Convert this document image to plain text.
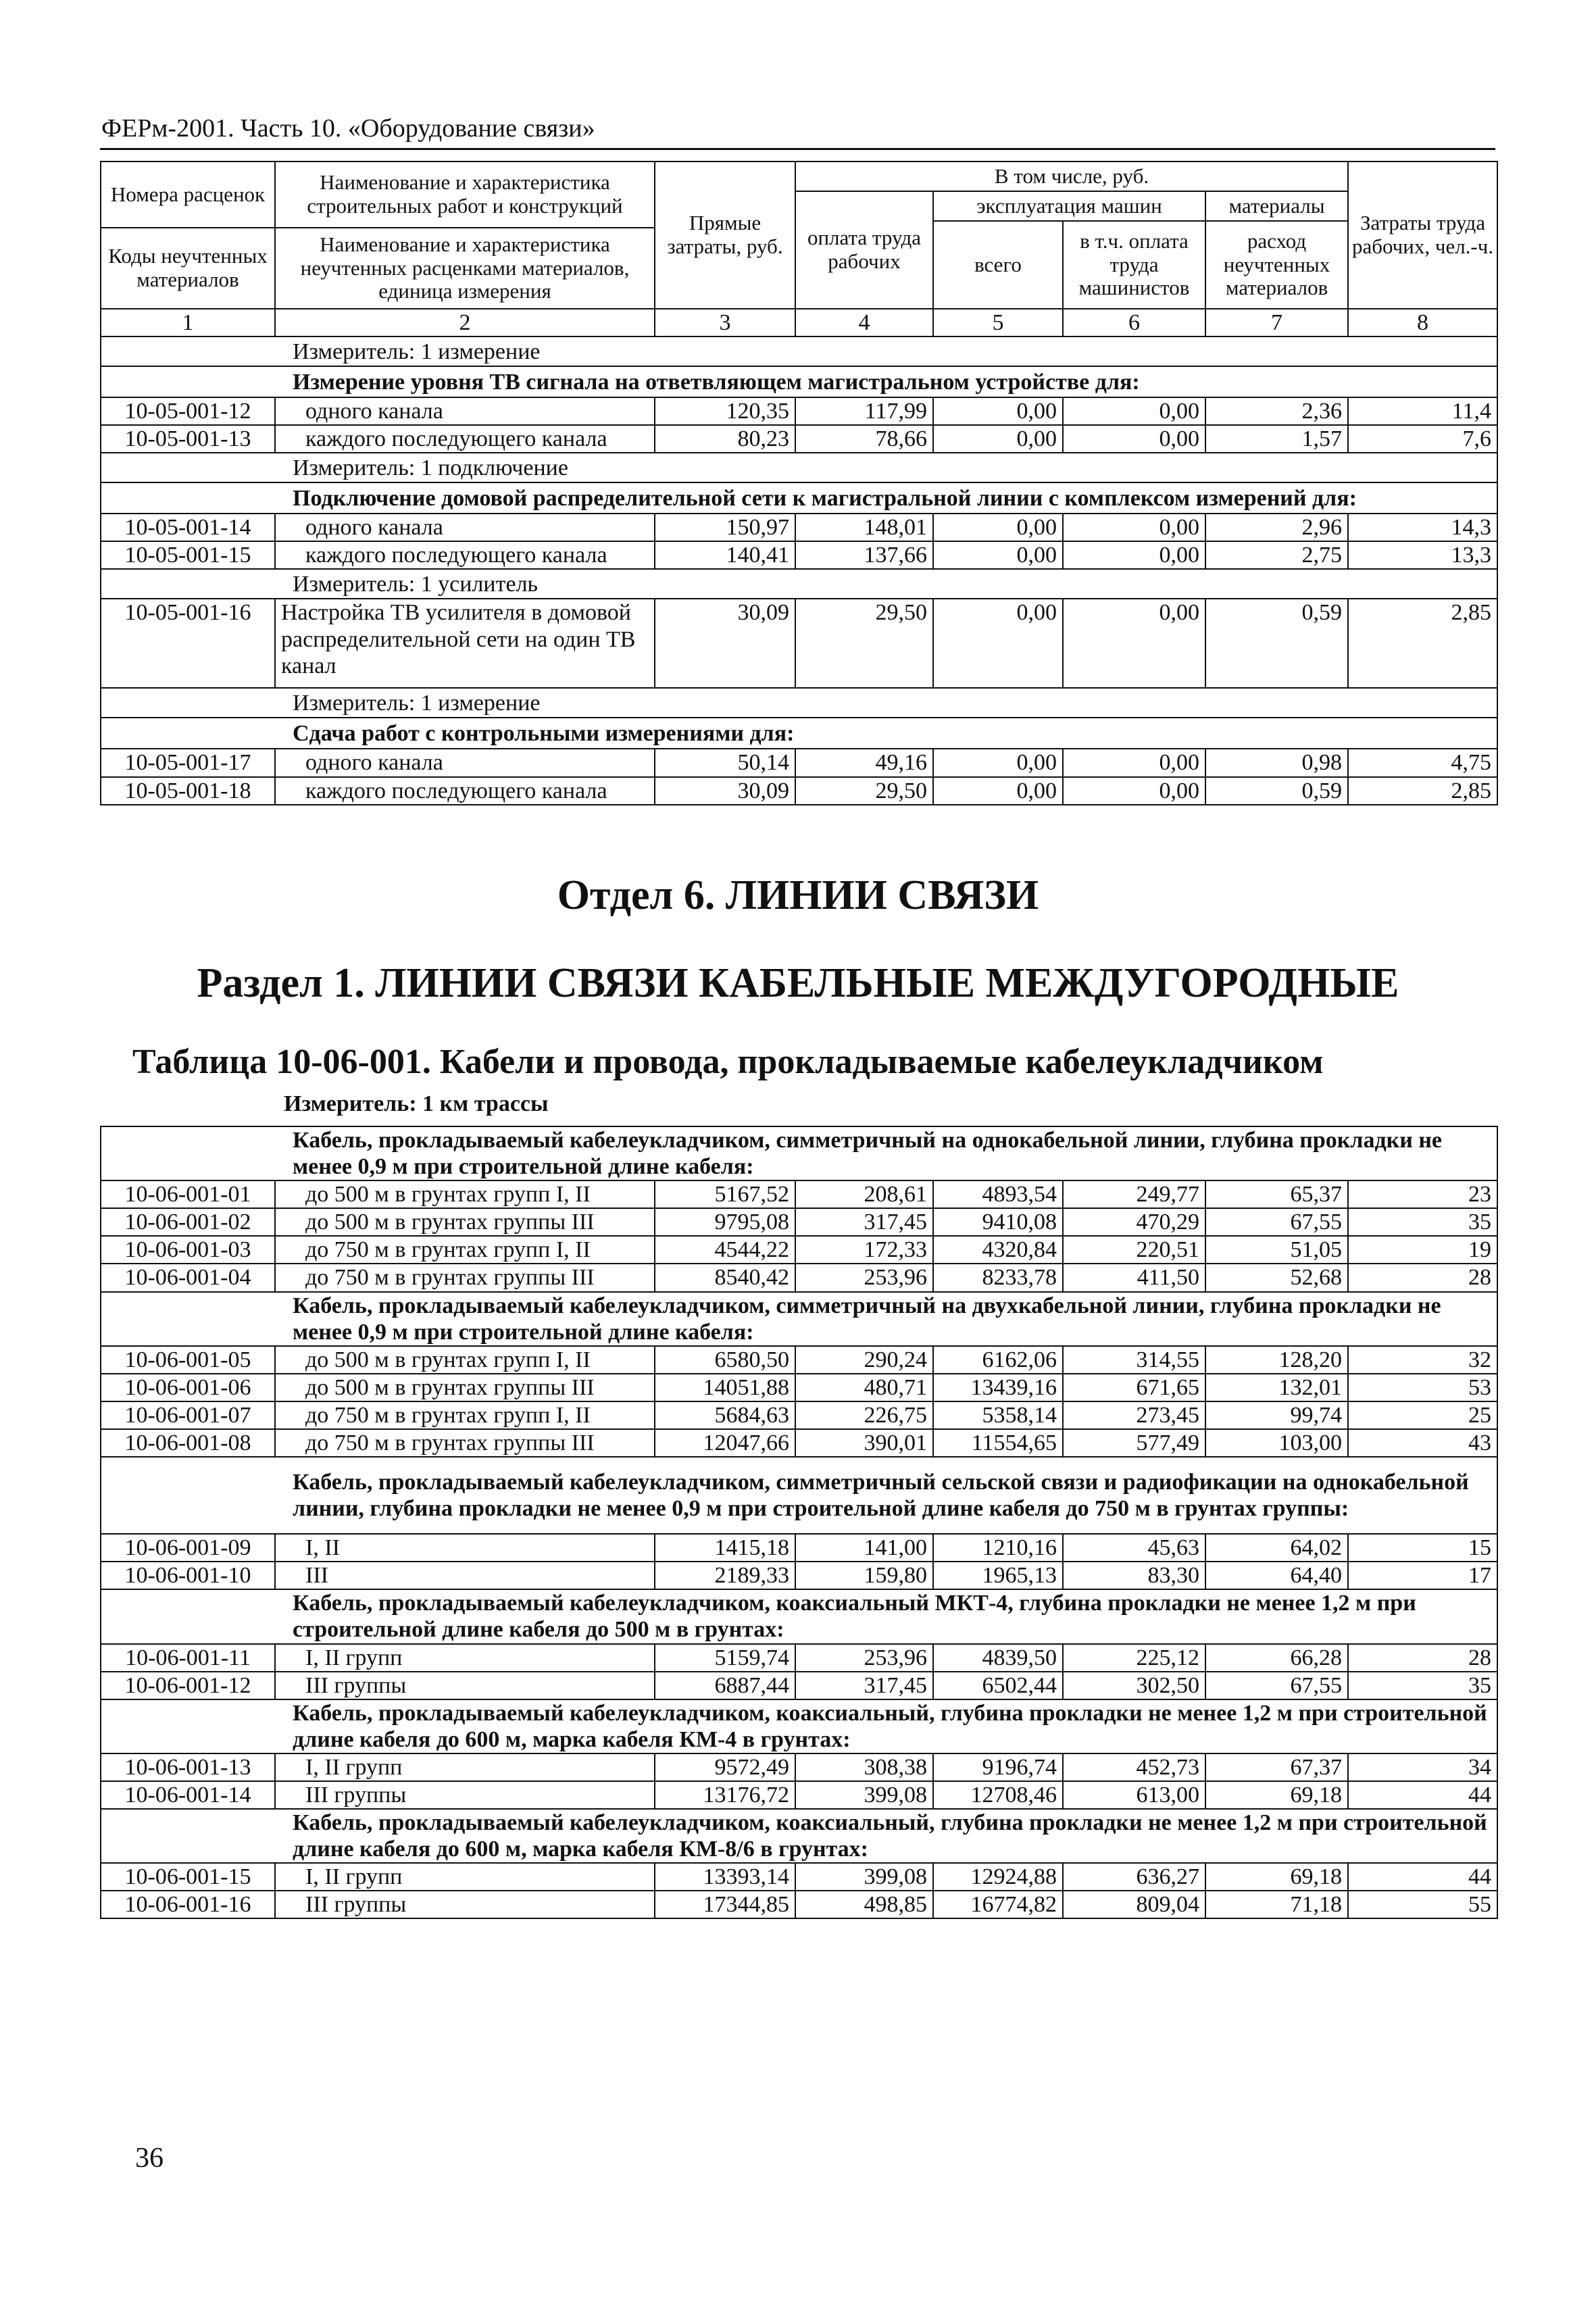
ФЕРм-2001. Часть 10. «Оборудование связи»
Номера расценок	Наименование и характеристика строительных работ и конструкций	Прямые затраты, руб.	В том числе, руб.				Затраты труда рабочих, чел.-ч.
			оплата труда рабочих	эксплуатация машин		материалы	
				всего	в т.ч. оплата труда машинистов	расход неучтенных материалов	
Коды неучтенных материалов	Наименование и характеристика неучтенных расценками материалов, единица измерения						

1	2	3	4	5	6	7	8
	Измеритель: 1 измерение						
	Измерение уровня ТВ сигнала на ответвляющем магистральном устройстве для:						
10-05-001-12	одного канала	120,35	117,99	0,00	0,00	2,36	11,4
10-05-001-13	каждого последующего канала	80,23	78,66	0,00	0,00	1,57	7,6
	Измеритель: 1 подключение						
	Подключение домовой распределительной сети к магистральной линии с комплексом измерений для:						
10-05-001-14	одного канала	150,97	148,01	0,00	0,00	2,96	14,3
10-05-001-15	каждого последующего канала	140,41	137,66	0,00	0,00	2,75	13,3
	Измеритель: 1 усилитель						
10-05-001-16	Настройка ТВ усилителя в домовой распределительной сети на один ТВ канал	30,09	29,50	0,00	0,00	0,59	2,85
	Измеритель: 1 измерение						
	Сдача работ с контрольными измерениями для:						
10-05-001-17	одного канала	50,14	49,16	0,00	0,00	0,98	4,75
10-05-001-18	каждого последующего канала	30,09	29,50	0,00	0,00	0,59	2,85
Отдел 6. ЛИНИИ СВЯЗИ
Раздел 1. ЛИНИИ СВЯЗИ КАБЕЛЬНЫЕ МЕЖДУГОРОДНЫЕ
Таблица 10-06-001. Кабели и провода, прокладываемые кабелеукладчиком
Измеритель: 1 км трассы
	Кабель, прокладываемый кабелеукладчиком, симметричный на однокабельной линии, глубина прокладки не менее 0,9 м при строительной длине кабеля:						
10-06-001-01	до 500 м в грунтах групп I, II	5167,52	208,61	4893,54	249,77	65,37	23
10-06-001-02	до 500 м в грунтах группы III	9795,08	317,45	9410,08	470,29	67,55	35
10-06-001-03	до 750 м в грунтах групп I, II	4544,22	172,33	4320,84	220,51	51,05	19
10-06-001-04	до 750 м в грунтах группы III	8540,42	253,96	8233,78	411,50	52,68	28
	Кабель, прокладываемый кабелеукладчиком, симметричный на двухкабельной линии, глубина прокладки не менее 0,9 м при строительной длине кабеля:						
10-06-001-05	до 500 м в грунтах групп I, II	6580,50	290,24	6162,06	314,55	128,20	32
10-06-001-06	до 500 м в грунтах группы III	14051,88	480,71	13439,16	671,65	132,01	53
10-06-001-07	до 750 м в грунтах групп I, II	5684,63	226,75	5358,14	273,45	99,74	25
10-06-001-08	до 750 м в грунтах группы III	12047,66	390,01	11554,65	577,49	103,00	43
	Кабель, прокладываемый кабелеукладчиком, симметричный сельской связи и радиофикации на однокабельной линии, глубина прокладки не менее 0,9 м при строительной длине кабеля до 750 м в грунтах группы:						
10-06-001-09	I, II	1415,18	141,00	1210,16	45,63	64,02	15
10-06-001-10	III	2189,33	159,80	1965,13	83,30	64,40	17
	Кабель, прокладываемый кабелеукладчиком, коаксиальный МКТ-4, глубина прокладки не менее 1,2 м при строительной длине кабеля до 500 м в грунтах:						
10-06-001-11	I, II групп	5159,74	253,96	4839,50	225,12	66,28	28
10-06-001-12	III группы	6887,44	317,45	6502,44	302,50	67,55	35
	Кабель, прокладываемый кабелеукладчиком, коаксиальный, глубина прокладки не менее 1,2 м при строительной длине кабеля до 600 м, марка кабеля КМ-4 в грунтах:						
10-06-001-13	I, II групп	9572,49	308,38	9196,74	452,73	67,37	34
10-06-001-14	III группы	13176,72	399,08	12708,46	613,00	69,18	44
	Кабель, прокладываемый кабелеукладчиком, коаксиальный, глубина прокладки не менее 1,2 м при строительной длине кабеля до 600 м, марка кабеля КМ-8/6 в грунтах:						
10-06-001-15	I, II групп	13393,14	399,08	12924,88	636,27	69,18	44
10-06-001-16	III группы	17344,85	498,85	16774,82	809,04	71,18	55
36
